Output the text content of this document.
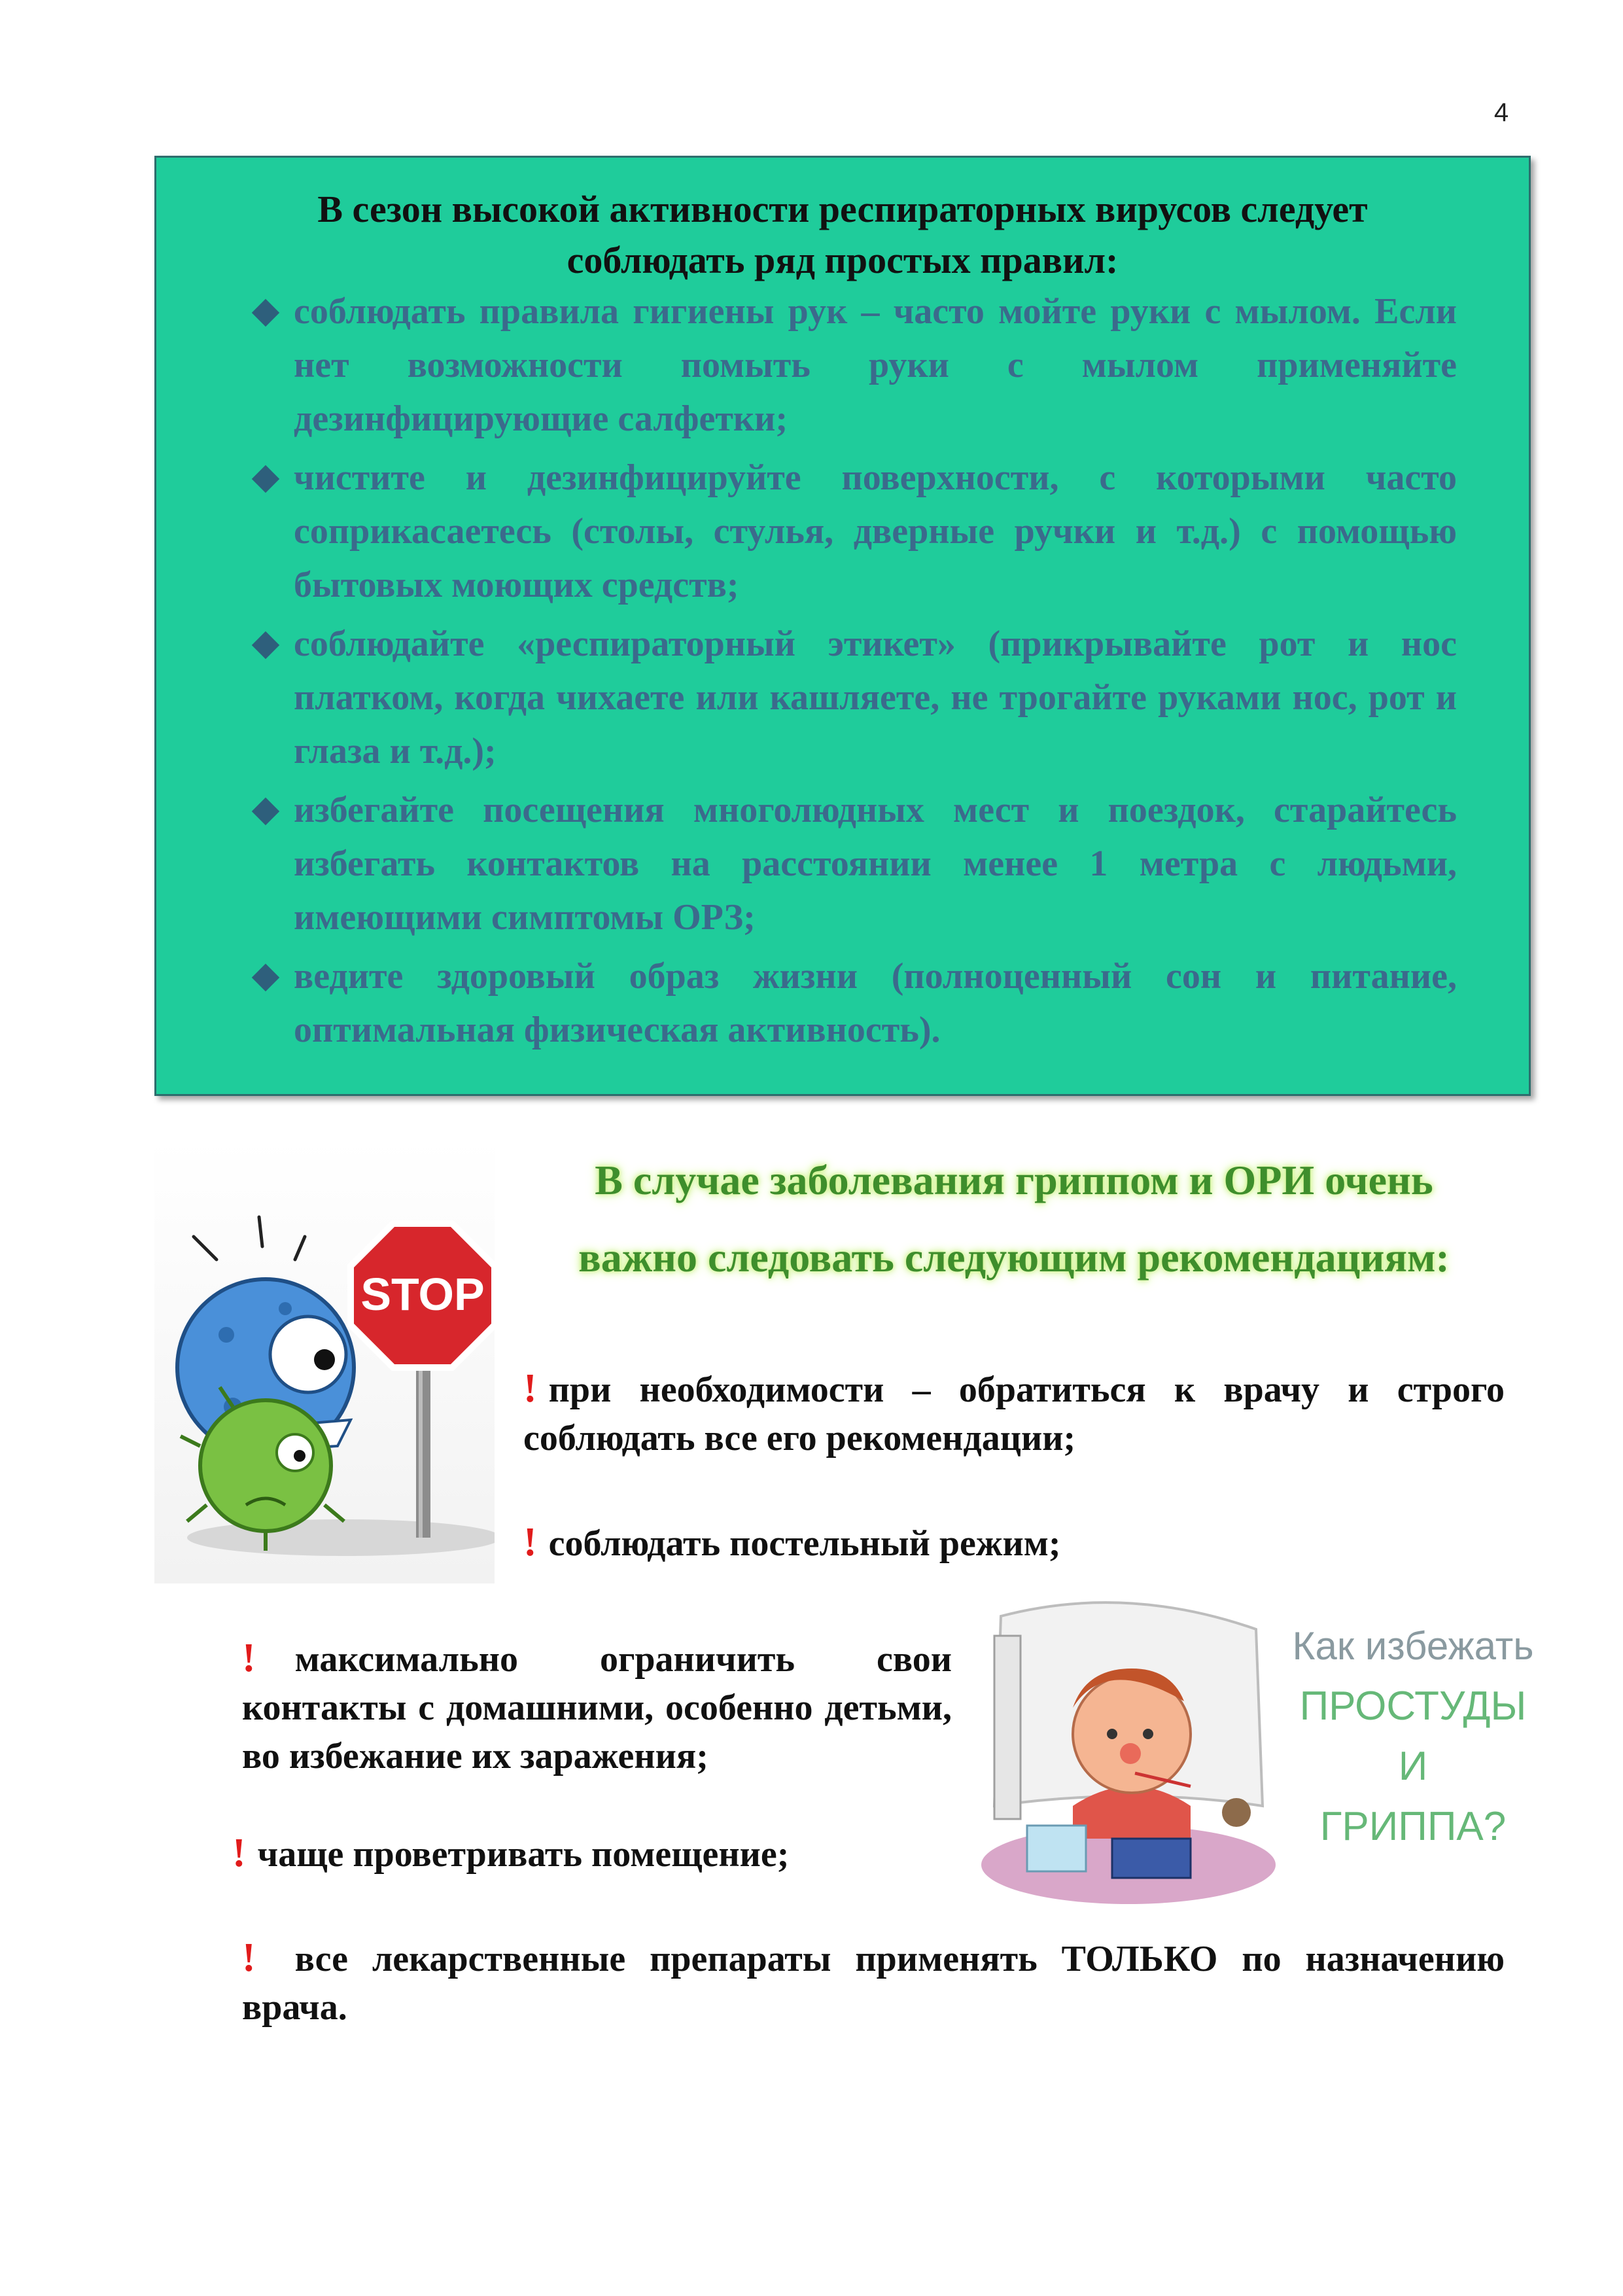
4
В сезон высокой активности респираторных вирусов следует
соблюдать ряд простых правил:
соблюдать правила гигиены рук – часто мойте руки с мылом. Если нет возможности помыть руки с мылом применяйте дезинфицирующие салфетки;
чистите и дезинфицируйте поверхности, с которыми часто соприкасаетесь (столы, стулья, дверные ручки и т.д.) с помощью бытовых моющих средств;
соблюдайте «респираторный этикет» (прикрывайте рот и нос платком, когда чихаете или кашляете, не трогайте руками нос, рот и глаза и т.д.);
избегайте посещения многолюдных мест и поездок, старайтесь избегать контактов на расстоянии менее 1 метра с людьми, имеющими симптомы ОРЗ;
ведите здоровый образ жизни (полноценный сон и питание, оптимальная физическая активность).
STOP
В случае заболевания гриппом и ОРИ очень
важно следовать следующим рекомендациям:
! при необходимости – обратиться к врачу и строго соблюдать все его рекомендации;
! соблюдать постельный режим;
! максимально ограничить свои контакты с домашними, особенно детьми, во избежание их заражения;
! чаще проветривать помещение;
! все лекарственные препараты применять ТОЛЬКО по назначению врача.
Как избежать
ПРОСТУДЫ
И
ГРИППА?
